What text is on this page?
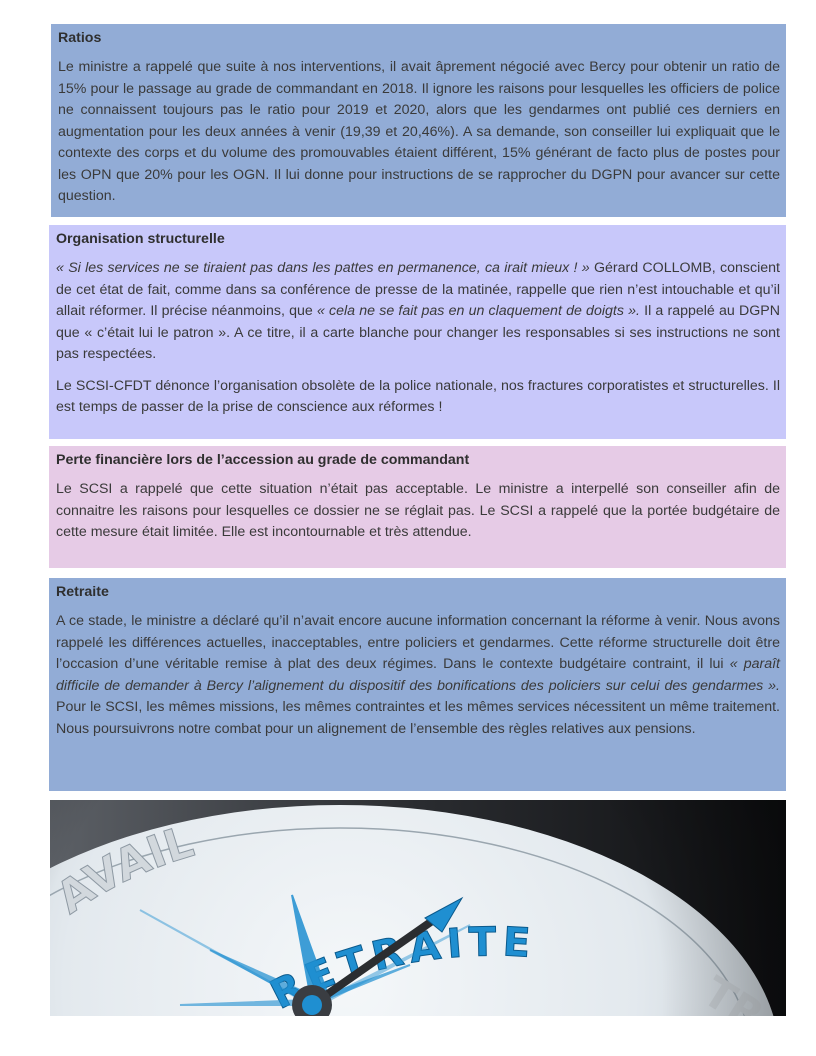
Ratios

Le ministre a rappelé que suite à nos interventions, il avait âprement négocié avec Bercy pour obtenir un ratio de 15% pour le passage au grade de commandant en 2018. Il ignore les raisons pour lesquelles les officiers de police ne connaissent toujours pas le ratio pour 2019 et 2020, alors que les gendarmes ont publié ces derniers en augmentation pour les deux années à venir (19,39 et 20,46%). A sa demande, son conseiller lui expliquait que le contexte des corps et du volume des promouvables étaient différent, 15% générant de facto plus de postes pour les OPN que 20% pour les OGN. Il lui donne pour instructions de se rapprocher du DGPN pour avancer sur cette question.

Organisation structurelle

« Si les services ne se tiraient pas dans les pattes en permanence, ca irait mieux ! » Gérard COLLOMB, conscient de cet état de fait, comme dans sa conférence de presse de la matinée, rappelle que rien n’est intouchable et qu’il allait réformer. Il précise néanmoins, que « cela ne se fait pas en un claquement de doigts ». Il a rappelé au DGPN que « c’était lui le patron ». A ce titre, il a carte blanche pour changer les responsables si ses instructions ne sont pas respectées.

Le SCSI-CFDT dénonce l’organisation obsolète de la police nationale, nos fractures corporatistes et structurelles. Il est temps de passer de la prise de conscience aux réformes !

Perte financière lors de l’accession au grade de commandant

Le SCSI a rappelé que cette situation n’était pas acceptable. Le ministre a interpellé son conseiller afin de connaitre les raisons pour lesquelles ce dossier ne se réglait pas. Le SCSI a rappelé que la portée budgétaire de cette mesure était limitée. Elle est incontournable et très attendue.

Retraite

A ce stade, le ministre a déclaré qu’il n’avait encore aucune information concernant la réforme à venir. Nous avons rappelé les différences actuelles, inacceptables, entre policiers et gendarmes. Cette réforme structurelle doit être l’occasion d’une véritable remise à plat des deux régimes. Dans le contexte budgétaire contraint, il lui « paraît difficile de demander à Bercy l’alignement du dispositif des bonifications des policiers sur celui des gendarmes ». Pour le SCSI, les mêmes missions, les mêmes contraintes et les mêmes services nécessitent un même traitement. Nous poursuivrons notre combat pour un alignement de l’ensemble des règles relatives aux pensions.
